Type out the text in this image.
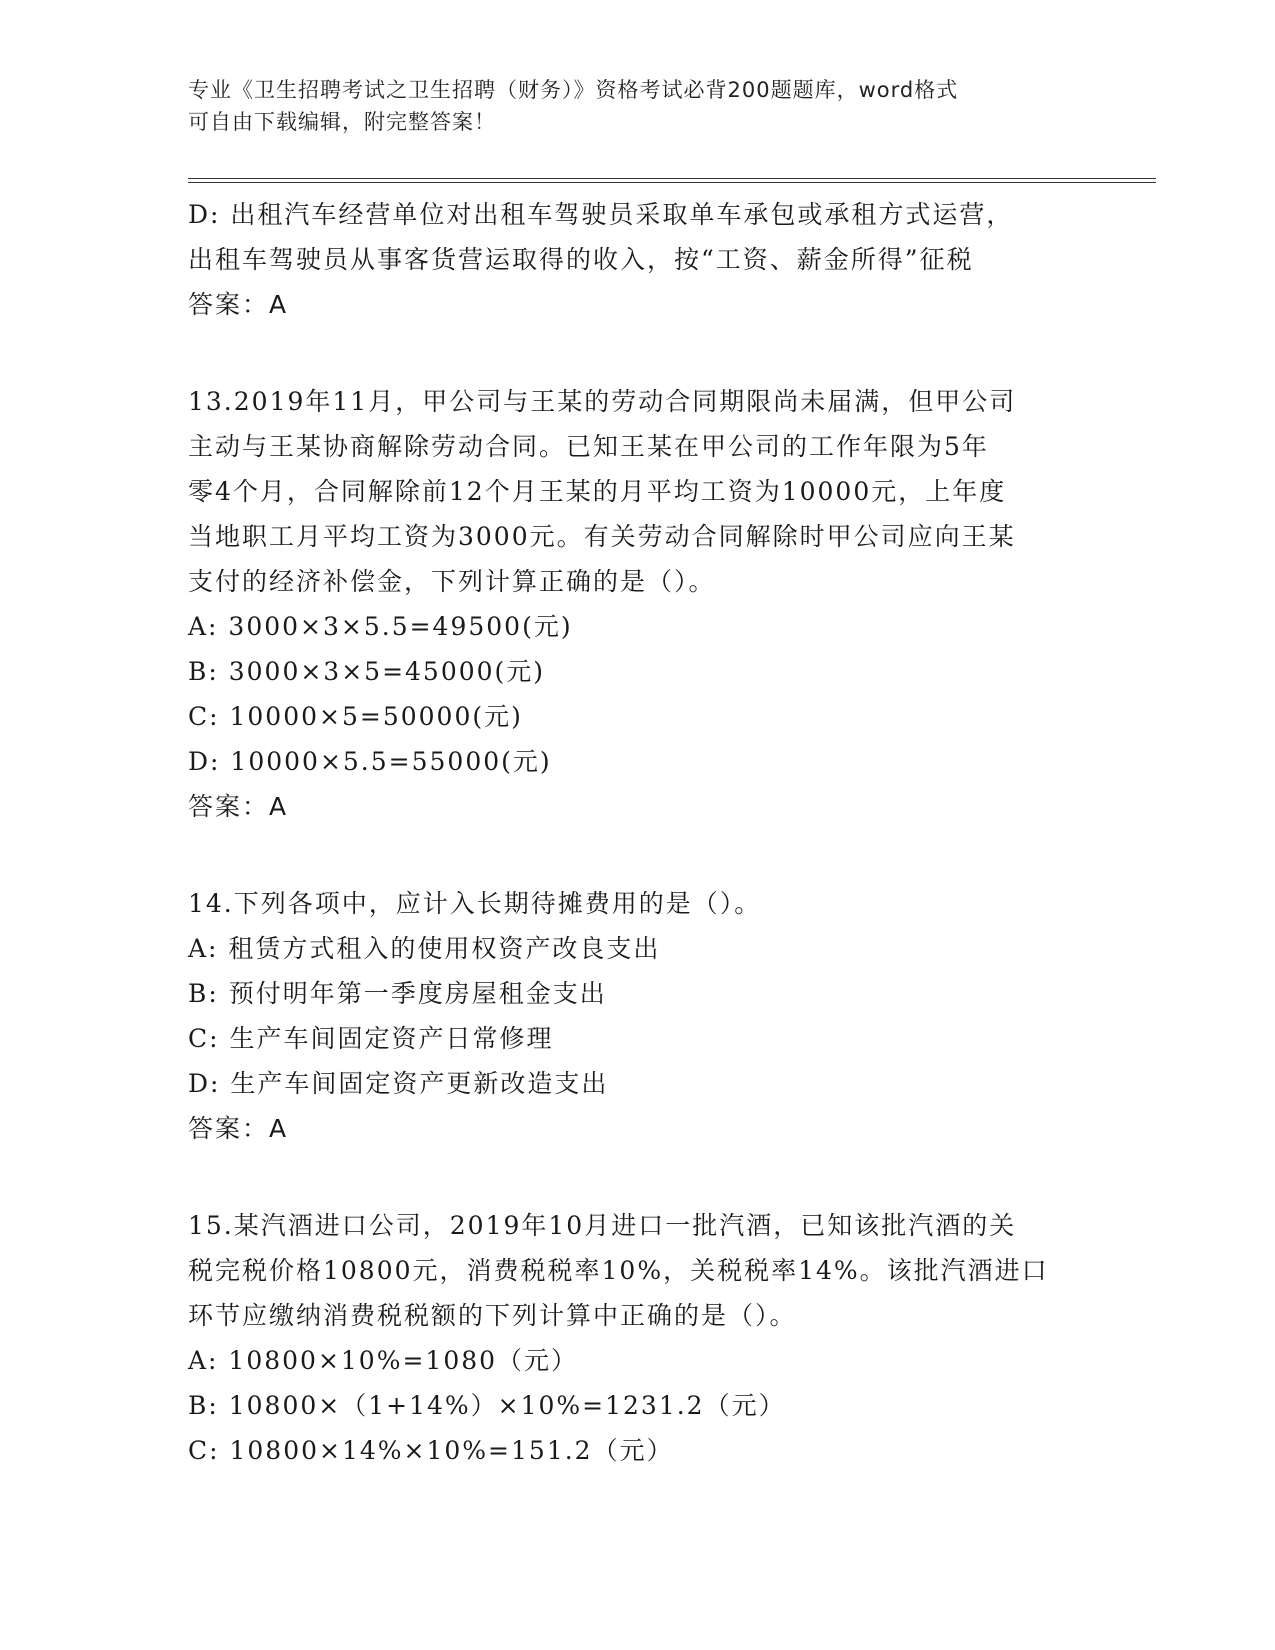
专业《卫生招聘考试之卫生招聘（财务）》资格考试必背200题题库，word格式
可自由下载编辑，附完整答案！
D: 出租汽车经营单位对出租车驾驶员采取单车承包或承租方式运营，
出租车驾驶员从事客货营运取得的收入，按“工资、薪金所得”征税
答案：A
13.2019年11月，甲公司与王某的劳动合同期限尚未届满，但甲公司
主动与王某协商解除劳动合同。已知王某在甲公司的工作年限为5年
零4个月，合同解除前12个月王某的月平均工资为10000元，上年度
当地职工月平均工资为3000元。有关劳动合同解除时甲公司应向王某
支付的经济补偿金，下列计算正确的是（）。
A: 3000×3×5.5=49500(元)
B: 3000×3×5=45000(元)
C: 10000×5=50000(元)
D: 10000×5.5=55000(元)
答案：A
14.下列各项中，应计入长期待摊费用的是（）。
A: 租赁方式租入的使用权资产改良支出
B: 预付明年第一季度房屋租金支出
C: 生产车间固定资产日常修理
D: 生产车间固定资产更新改造支出
答案：A
15.某汽酒进口公司，2019年10月进口一批汽酒，已知该批汽酒的关
税完税价格10800元，消费税税率10%，关税税率14%。该批汽酒进口
环节应缴纳消费税税额的下列计算中正确的是（）。
A: 10800×10%=1080（元）
B: 10800×（1+14%）×10%=1231.2（元）
C: 10800×14%×10%=151.2（元）
